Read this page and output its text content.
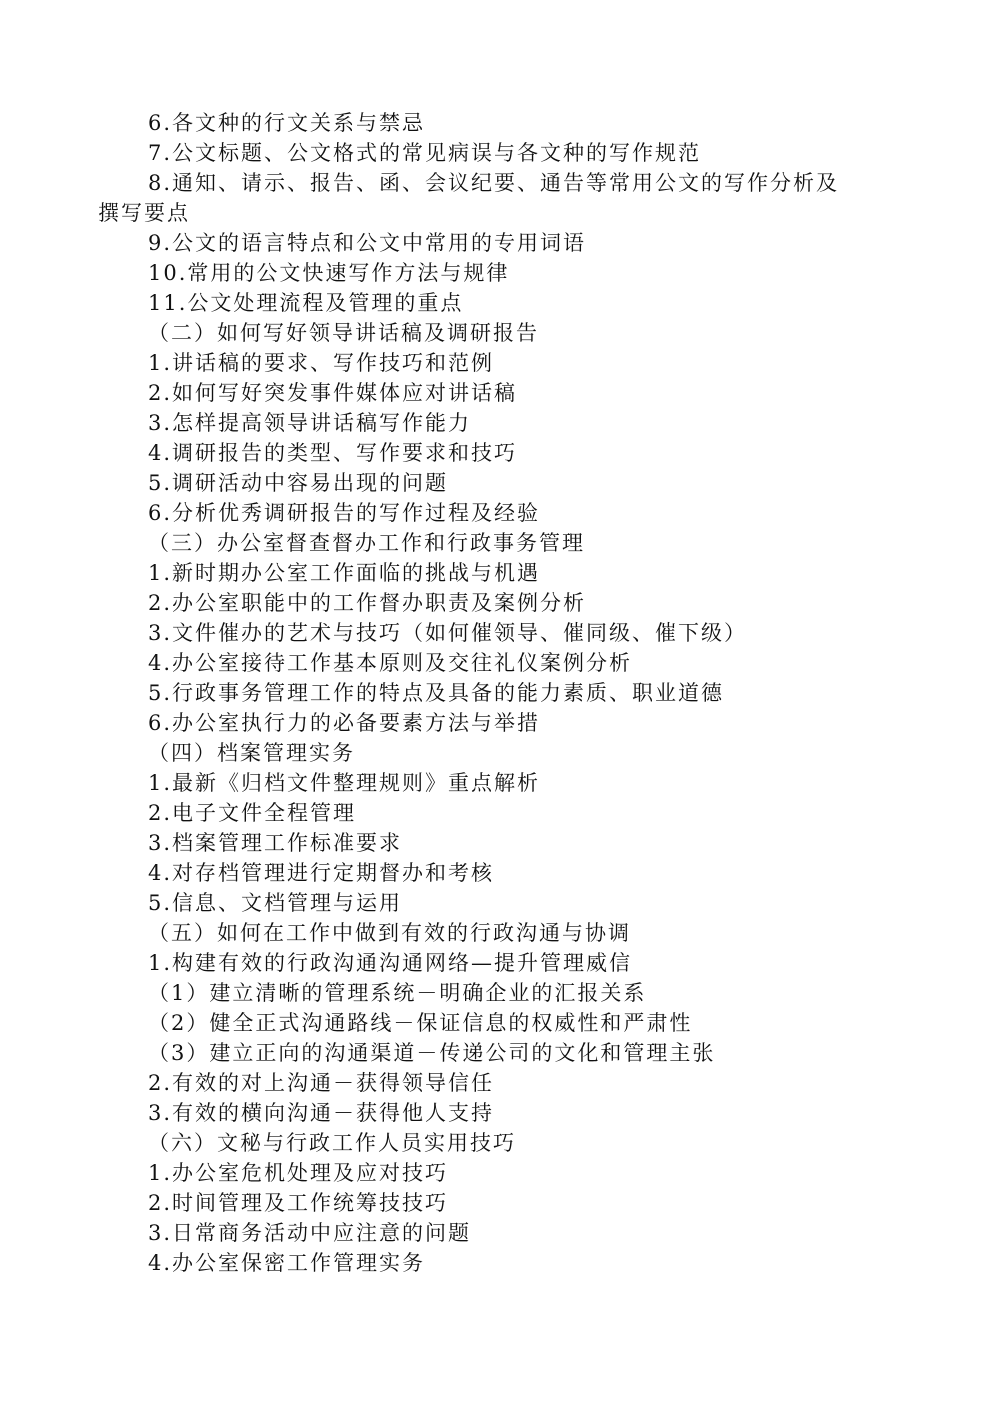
6.各文种的行文关系与禁忌
7.公文标题、公文格式的常见病误与各文种的写作规范
8.通知、请示、报告、函、会议纪要、通告等常用公文的写作分析及
撰写要点
9.公文的语言特点和公文中常用的专用词语
10.常用的公文快速写作方法与规律
11.公文处理流程及管理的重点
（二）如何写好领导讲话稿及调研报告
1.讲话稿的要求、写作技巧和范例
2.如何写好突发事件媒体应对讲话稿
3.怎样提高领导讲话稿写作能力
4.调研报告的类型、写作要求和技巧
5.调研活动中容易出现的问题
6.分析优秀调研报告的写作过程及经验
（三）办公室督查督办工作和行政事务管理
1.新时期办公室工作面临的挑战与机遇
2.办公室职能中的工作督办职责及案例分析
3.文件催办的艺术与技巧（如何催领导、催同级、催下级）
4.办公室接待工作基本原则及交往礼仪案例分析
5.行政事务管理工作的特点及具备的能力素质、职业道德
6.办公室执行力的必备要素方法与举措
（四）档案管理实务
1.最新《归档文件整理规则》重点解析
2.电子文件全程管理
3.档案管理工作标准要求
4.对存档管理进行定期督办和考核
5.信息、文档管理与运用
（五）如何在工作中做到有效的行政沟通与协调
1.构建有效的行政沟通沟通网络—提升管理威信
（1）建立清晰的管理系统－明确企业的汇报关系
（2）健全正式沟通路线－保证信息的权威性和严肃性
（3）建立正向的沟通渠道－传递公司的文化和管理主张
2.有效的对上沟通－获得领导信任
3.有效的横向沟通－获得他人支持
（六）文秘与行政工作人员实用技巧
1.办公室危机处理及应对技巧
2.时间管理及工作统筹技技巧
3.日常商务活动中应注意的问题
4.办公室保密工作管理实务
